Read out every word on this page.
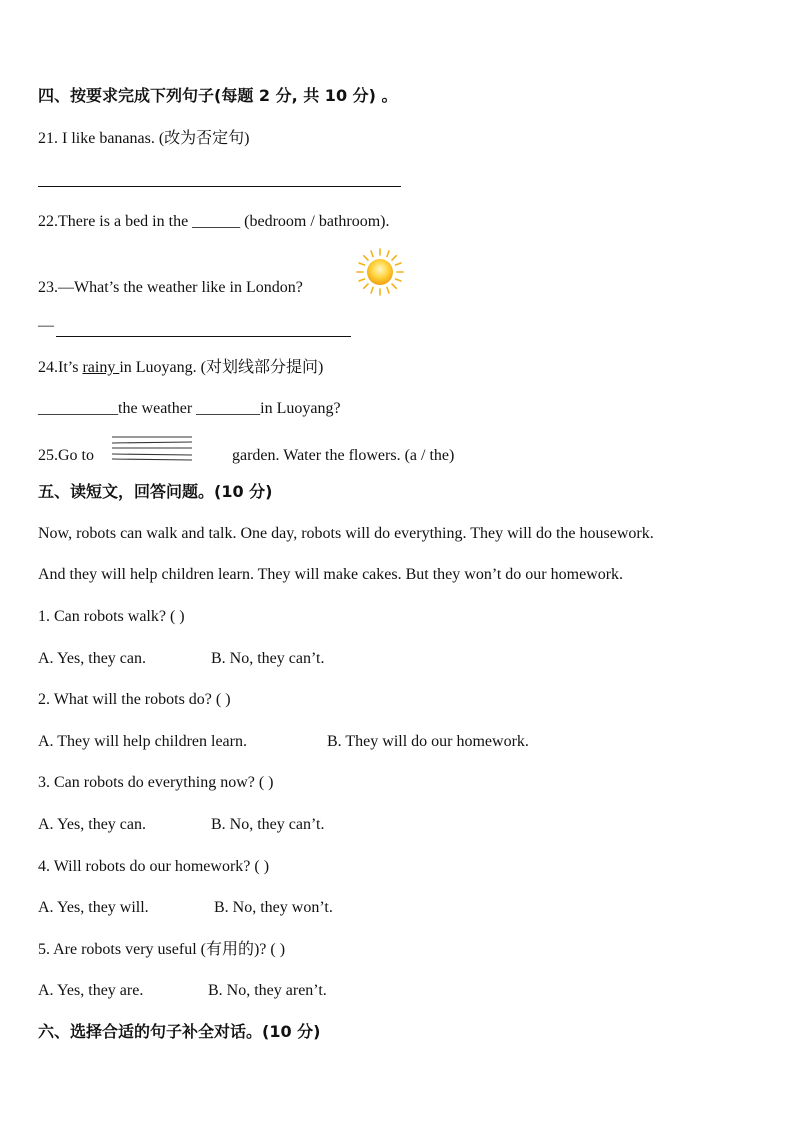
四、按要求完成下列句子(每题 2 分, 共 10 分) 。
21. I like bananas. (改为否定句)
22.There is a bed in the ______ (bedroom / bathroom).
23.—What’s the weather like in London?
—
24.It’s rainy in Luoyang. (对划线部分提问)
__________the weather ________in Luoyang?
25.Go to	garden. Water the flowers. (a / the)
五、读短文，回答问题。(10 分)
Now, robots can walk and talk. One day, robots will do everything. They will do the housework.
And they will help children learn. They will make cakes. But they won’t do our homework.
1. Can robots walk? ( )
A. Yes, they can.	B. No, they can’t.
2. What will the robots do? ( )
A. They will help children learn.	B. They will do our homework.
3. Can robots do everything now? ( )
A. Yes, they can.	B. No, they can’t.
4. Will robots do our homework? ( )
A. Yes, they will.	B. No, they won’t.
5. Are robots very useful (有用的)? ( )
A. Yes, they are.	B. No, they aren’t.
六、选择合适的句子补全对话。(10 分)
